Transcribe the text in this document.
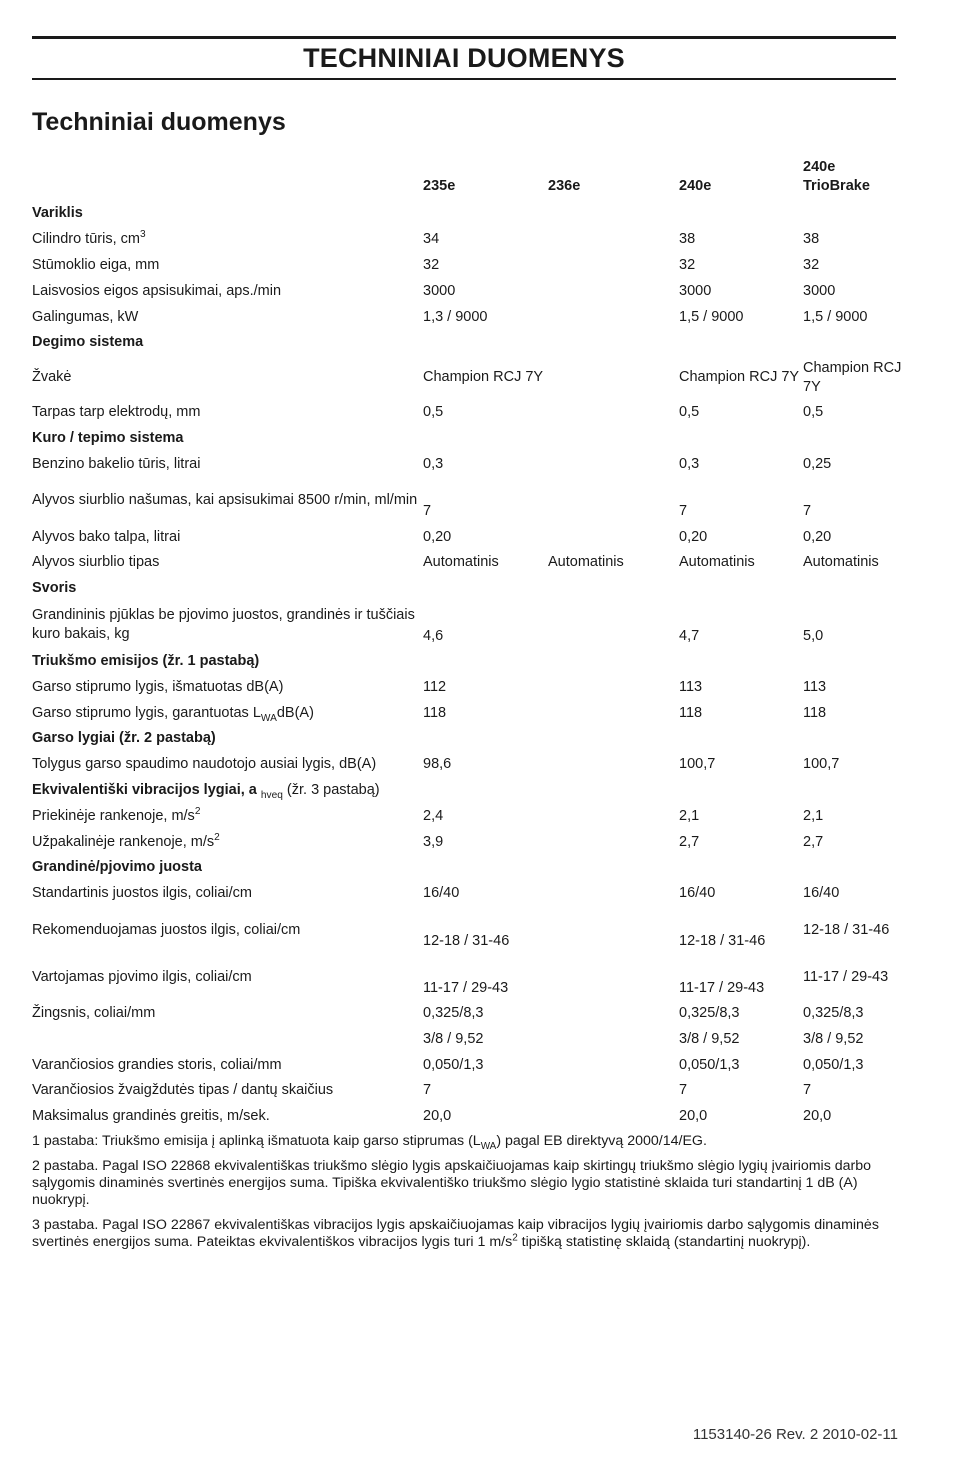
TECHNINIAI DUOMENYS
Techniniai duomenys
	235e	236e	240e	240e
TrioBrake
Variklis				
Cilindro tūris, $cm^3$	34		38	38
Stūmoklio eiga, mm	32		32	32
Laisvosios eigos apsisukimai, aps./min	3000		3000	3000
Galingumas, kW	1,3 / 9000		1,5 / 9000	1,5 / 9000
Degimo sistema				
Žvakė	Champion RCJ 7Y		Champion RCJ 7Y	Champion RCJ 7Y
Tarpas tarp elektrodų, mm	0,5		0,5	0,5
Kuro / tepimo sistema				
Benzino bakelio tūris, litrai	0,3		0,3	0,25
Alyvos siurblio našumas, kai apsisukimai 8500 r/min, ml/min	7		7	7
Alyvos bako talpa, litrai	0,20		0,20	0,20
Alyvos siurblio tipas	Automatinis	Automatinis	Automatinis	Automatinis
Svoris				
Grandininis pjūklas be pjovimo juostos, grandinės ir tuščiais kuro bakais, kg	4,6		4,7	5,0
Triukšmo emisijos (žr. 1 pastabą)				
Garso stiprumo lygis, išmatuotas dB(A)	112		113	113
Garso stiprumo lygis, garantuotas $L_{WA}dB(A)$	118		118	118
Garso lygiai (žr. 2 pastabą)				
Tolygus garso spaudimo naudotojo ausiai lygis, dB(A)	98,6		100,7	100,7
Ekvivalentiški vibracijos lygiai, a $_{hveq}$ (žr. 3 pastabą)				
Priekinėje rankenoje, $m/s^2$	2,4		2,1	2,1
Užpakalinėje rankenoje, $m/s^2$	3,9		2,7	2,7
Grandinė/pjovimo juosta				
Standartinis juostos ilgis, coliai/cm	16/40		16/40	16/40
Rekomenduojamas juostos ilgis, coliai/cm	12-18 / 31-46		12-18 / 31-46	12-18 / 31-46
Vartojamas pjovimo ilgis, coliai/cm	11-17 / 29-43		11-17 / 29-43	11-17 / 29-43
Žingsnis, coliai/mm	0,325/8,3		0,325/8,3	0,325/8,3
	3/8 / 9,52		3/8 / 9,52	3/8 / 9,52
Varančiosios grandies storis, coliai/mm	0,050/1,3		0,050/1,3	0,050/1,3
Varančiosios žvaigždutės tipas / dantų skaičius	7		7	7
Maksimalus grandinės greitis, m/sek.	20,0		20,0	20,0

1 pastaba: Triukšmo emisija į aplinką išmatuota kaip garso stiprumas $(L_{WA})$ pagal EB direktyvą 2000/14/EG.

2 pastaba. Pagal ISO 22868 ekvivalentiškas triukšmo slėgio lygis apskaičiuojamas kaip skirtingų triukšmo slėgio lygių įvairiomis darbo sąlygomis dinaminės svertinės energijos suma. Tipiška ekvivalentiško triukšmo slėgio lygio statistinė sklaida turi standartinį 1 dB (A) nuokrypį.

3 pastaba. Pagal ISO 22867 ekvivalentiškas vibracijos lygis apskaičiuojamas kaip vibracijos lygių įvairiomis darbo sąlygomis dinaminės svertinės energijos suma. Pateiktas ekvivalentiškos vibracijos lygis turi 1 $m/s^2$ tipišką statistinę sklaidą (standartinį nuokrypį).

1153140-26 Rev. 2 2010-02-11
